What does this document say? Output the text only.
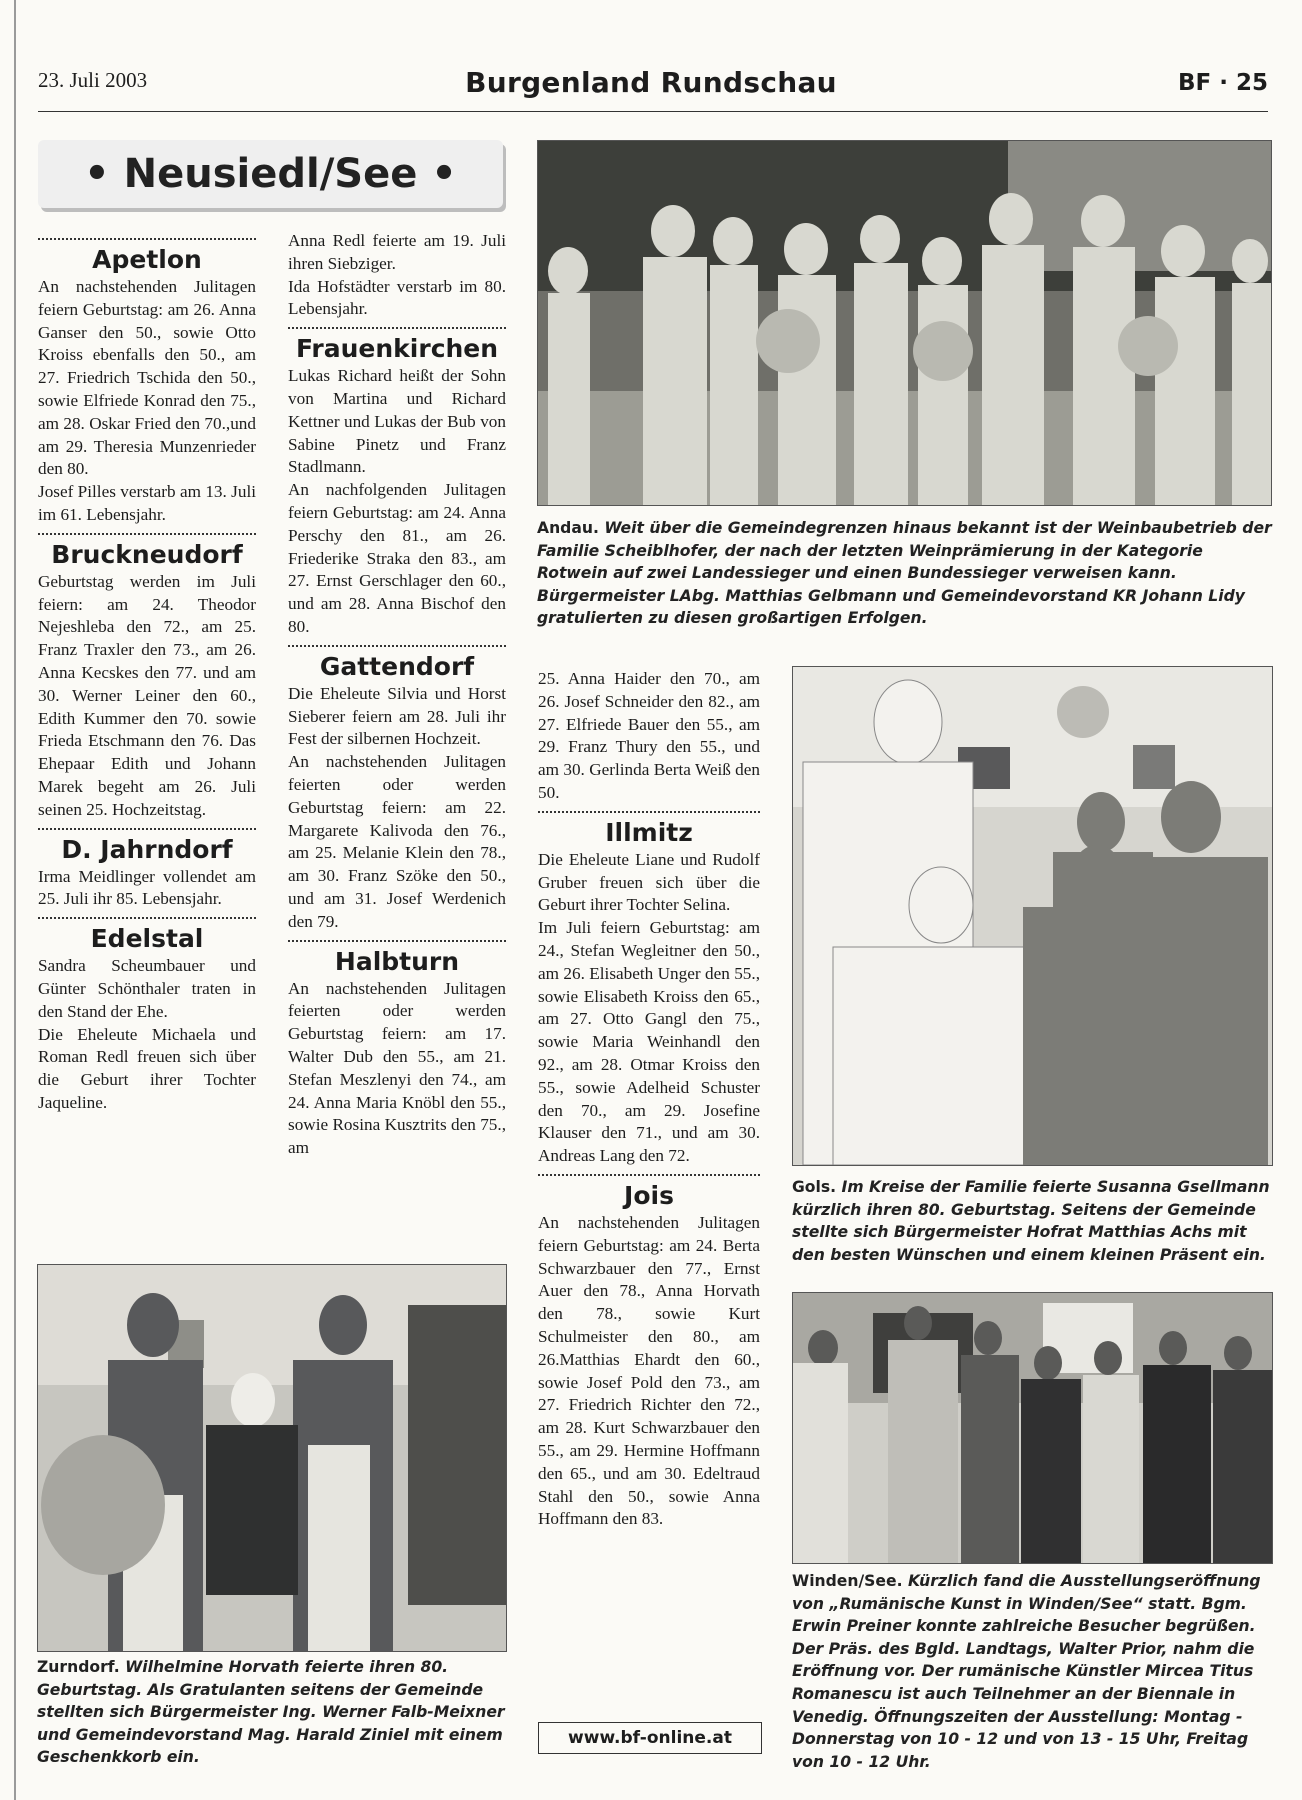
23. Juli 2003	Burgenland Rundschau	BF · 25
• Neusiedl/See •
Apetlon

An nachstehenden Julitagen feiern Geburtstag: am 26. Anna Ganser den 50., sowie Otto Kroiss ebenfalls den 50., am 27. Friedrich Tschida den 50., sowie Elfriede Konrad den 75., am 28. Oskar Fried den 70.,und am 29. Theresia Munzenrieder den 80.

Josef Pilles verstarb am 13. Juli im 61. Lebensjahr.

Bruckneudorf

Geburtstag werden im Juli feiern: am 24. Theodor Nejeshleba den 72., am 25. Franz Traxler den 73., am 26. Anna Kecskes den 77. und am 30. Werner Leiner den 60., Edith Kummer den 70. sowie Frieda Etschmann den 76. Das Ehepaar Edith und Johann Marek begeht am 26. Juli seinen 25. Hochzeitstag.

D. Jahrndorf

Irma Meidlinger vollendet am 25. Juli ihr 85. Lebensjahr.

Edelstal

Sandra Scheumbauer und Günter Schönthaler traten in den Stand der Ehe.

Die Eheleute Michaela und Roman Redl freuen sich über die Geburt ihrer Tochter Jaqueline.

Anna Redl feierte am 19. Juli ihren Siebziger.

Ida Hofstädter verstarb im 80. Lebensjahr.

Frauenkirchen

Lukas Richard heißt der Sohn von Martina und Richard Kettner und Lukas der Bub von Sabine Pinetz und Franz Stadlmann.

An nachfolgenden Julitagen feiern Geburtstag: am 24. Anna Perschy den 81., am 26. Friederike Straka den 83., am 27. Ernst Gerschlager den 60., und am 28. Anna Bischof den 80.

Gattendorf

Die Eheleute Silvia und Horst Sieberer feiern am 28. Juli ihr Fest der silbernen Hochzeit.

An nachstehenden Julitagen feierten oder werden Geburtstag feiern: am 22. Margarete Kalivoda den 76., am 25. Melanie Klein den 78., am 30. Franz Szöke den 50., und am 31. Josef Werdenich den 79.

Halbturn

An nachstehenden Julitagen feierten oder werden Geburtstag feiern: am 17. Walter Dub den 55., am 21. Stefan Meszlenyi den 74., am 24. Anna Maria Knöbl den 55., sowie Rosina Kusztrits den 75., am

25. Anna Haider den 70., am 26. Josef Schneider den 82., am 27. Elfriede Bauer den 55., am 29. Franz Thury den 55., und am 30. Gerlinda Berta Weiß den 50.

Illmitz

Die Eheleute Liane und Rudolf Gruber freuen sich über die Geburt ihrer Tochter Selina.

Im Juli feiern Geburtstag: am 24., Stefan Wegleitner den 50., am 26. Elisabeth Unger den 55., sowie Elisabeth Kroiss den 65., am 27. Otto Gangl den 75., sowie Maria Weinhandl den 92., am 28. Otmar Kroiss den 55., sowie Adelheid Schuster den 70., am 29. Josefine Klauser den 71., und am 30. Andreas Lang den 72.

Jois

An nachstehenden Julitagen feiern Geburtstag: am 24. Berta Schwarzbauer den 77., Ernst Auer den 78., Anna Horvath den 78., sowie Kurt Schulmeister den 80., am 26.Matthias Ehardt den 60., sowie Josef Pold den 73., am 27. Friedrich Richter den 72., am 28. Kurt Schwarzbauer den 55., am 29. Hermine Hoffmann den 65., und am 30. Edeltraud Stahl den 50., sowie Anna Hoffmann den 83.

Andau. Weit über die Gemeindegrenzen hinaus bekannt ist der Weinbaubetrieb der Familie Scheiblhofer, der nach der letzten Weinprämierung in der Kategorie Rotwein auf zwei Landessieger und einen Bundessieger verweisen kann. Bürgermeister LAbg. Matthias Gelbmann und Gemeindevorstand KR Johann Lidy gratulierten zu diesen großartigen Erfolgen.
Gols. Im Kreise der Familie feierte Susanna Gsellmann kürzlich ihren 80. Geburtstag. Seitens der Gemeinde stellte sich Bürgermeister Hofrat Matthias Achs mit den besten Wünschen und einem kleinen Präsent ein.
Zurndorf. Wilhelmine Horvath feierte ihren 80. Geburtstag. Als Gratulanten seitens der Gemeinde stellten sich Bürgermeister Ing. Werner Falb-Meixner und Gemeindevorstand Mag. Harald Ziniel mit einem Geschenkkorb ein.
Winden/See. Kürzlich fand die Ausstellungseröffnung von „Rumänische Kunst in Winden/See“ statt. Bgm. Erwin Preiner konnte zahlreiche Besucher begrüßen. Der Präs. des Bgld. Landtags, Walter Prior, nahm die Eröffnung vor. Der rumänische Künstler Mircea Titus Romanescu ist auch Teilnehmer an der Biennale in Venedig. Öffnungszeiten der Ausstellung: Montag - Donnerstag von 10 - 12 und von 13 - 15 Uhr, Freitag von 10 - 12 Uhr.
www.bf-online.at
